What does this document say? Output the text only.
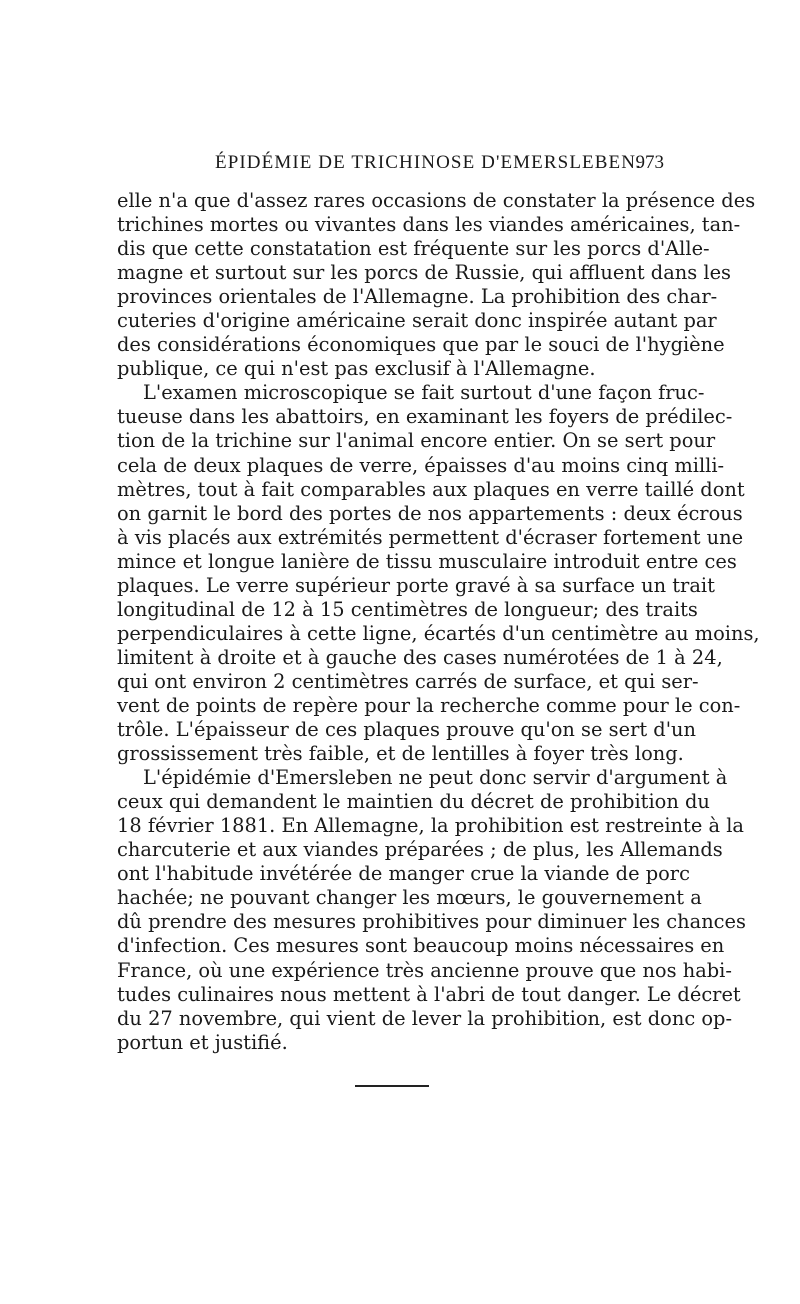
ÉPIDÉMIE DE TRICHINOSE D'EMERSLEBEN.
973
elle n'a que d'assez rares occasions de constater la présence des
trichines mortes ou vivantes dans les viandes américaines, tan-
dis que cette constatation est fréquente sur les porcs d'Alle-
magne et surtout sur les porcs de Russie, qui affluent dans les
provinces orientales de l'Allemagne. La prohibition des char-
cuteries d'origine américaine serait donc inspirée autant par
des considérations économiques que par le souci de l'hygiène
publique, ce qui n'est pas exclusif à l'Allemagne.
L'examen microscopique se fait surtout d'une façon fruc-
tueuse dans les abattoirs, en examinant les foyers de prédilec-
tion de la trichine sur l'animal encore entier. On se sert pour
cela de deux plaques de verre, épaisses d'au moins cinq milli-
mètres, tout à fait comparables aux plaques en verre taillé dont
on garnit le bord des portes de nos appartements : deux écrous
à vis placés aux extrémités permettent d'écraser fortement une
mince et longue lanière de tissu musculaire introduit entre ces
plaques. Le verre supérieur porte gravé à sa surface un trait
longitudinal de 12 à 15 centimètres de longueur; des traits
perpendiculaires à cette ligne, écartés d'un centimètre au moins,
limitent à droite et à gauche des cases numérotées de 1 à 24,
qui ont environ 2 centimètres carrés de surface, et qui ser-
vent de points de repère pour la recherche comme pour le con-
trôle. L'épaisseur de ces plaques prouve qu'on se sert d'un
grossissement très faible, et de lentilles à foyer très long.
L'épidémie d'Emersleben ne peut donc servir d'argument à
ceux qui demandent le maintien du décret de prohibition du
18 février 1881. En Allemagne, la prohibition est restreinte à la
charcuterie et aux viandes préparées ; de plus, les Allemands
ont l'habitude invétérée de manger crue la viande de porc
hachée; ne pouvant changer les mœurs, le gouvernement a
dû prendre des mesures prohibitives pour diminuer les chances
d'infection. Ces mesures sont beaucoup moins nécessaires en
France, où une expérience très ancienne prouve que nos habi-
tudes culinaires nous mettent à l'abri de tout danger. Le décret
du 27 novembre, qui vient de lever la prohibition, est donc op-
portun et justifié.
